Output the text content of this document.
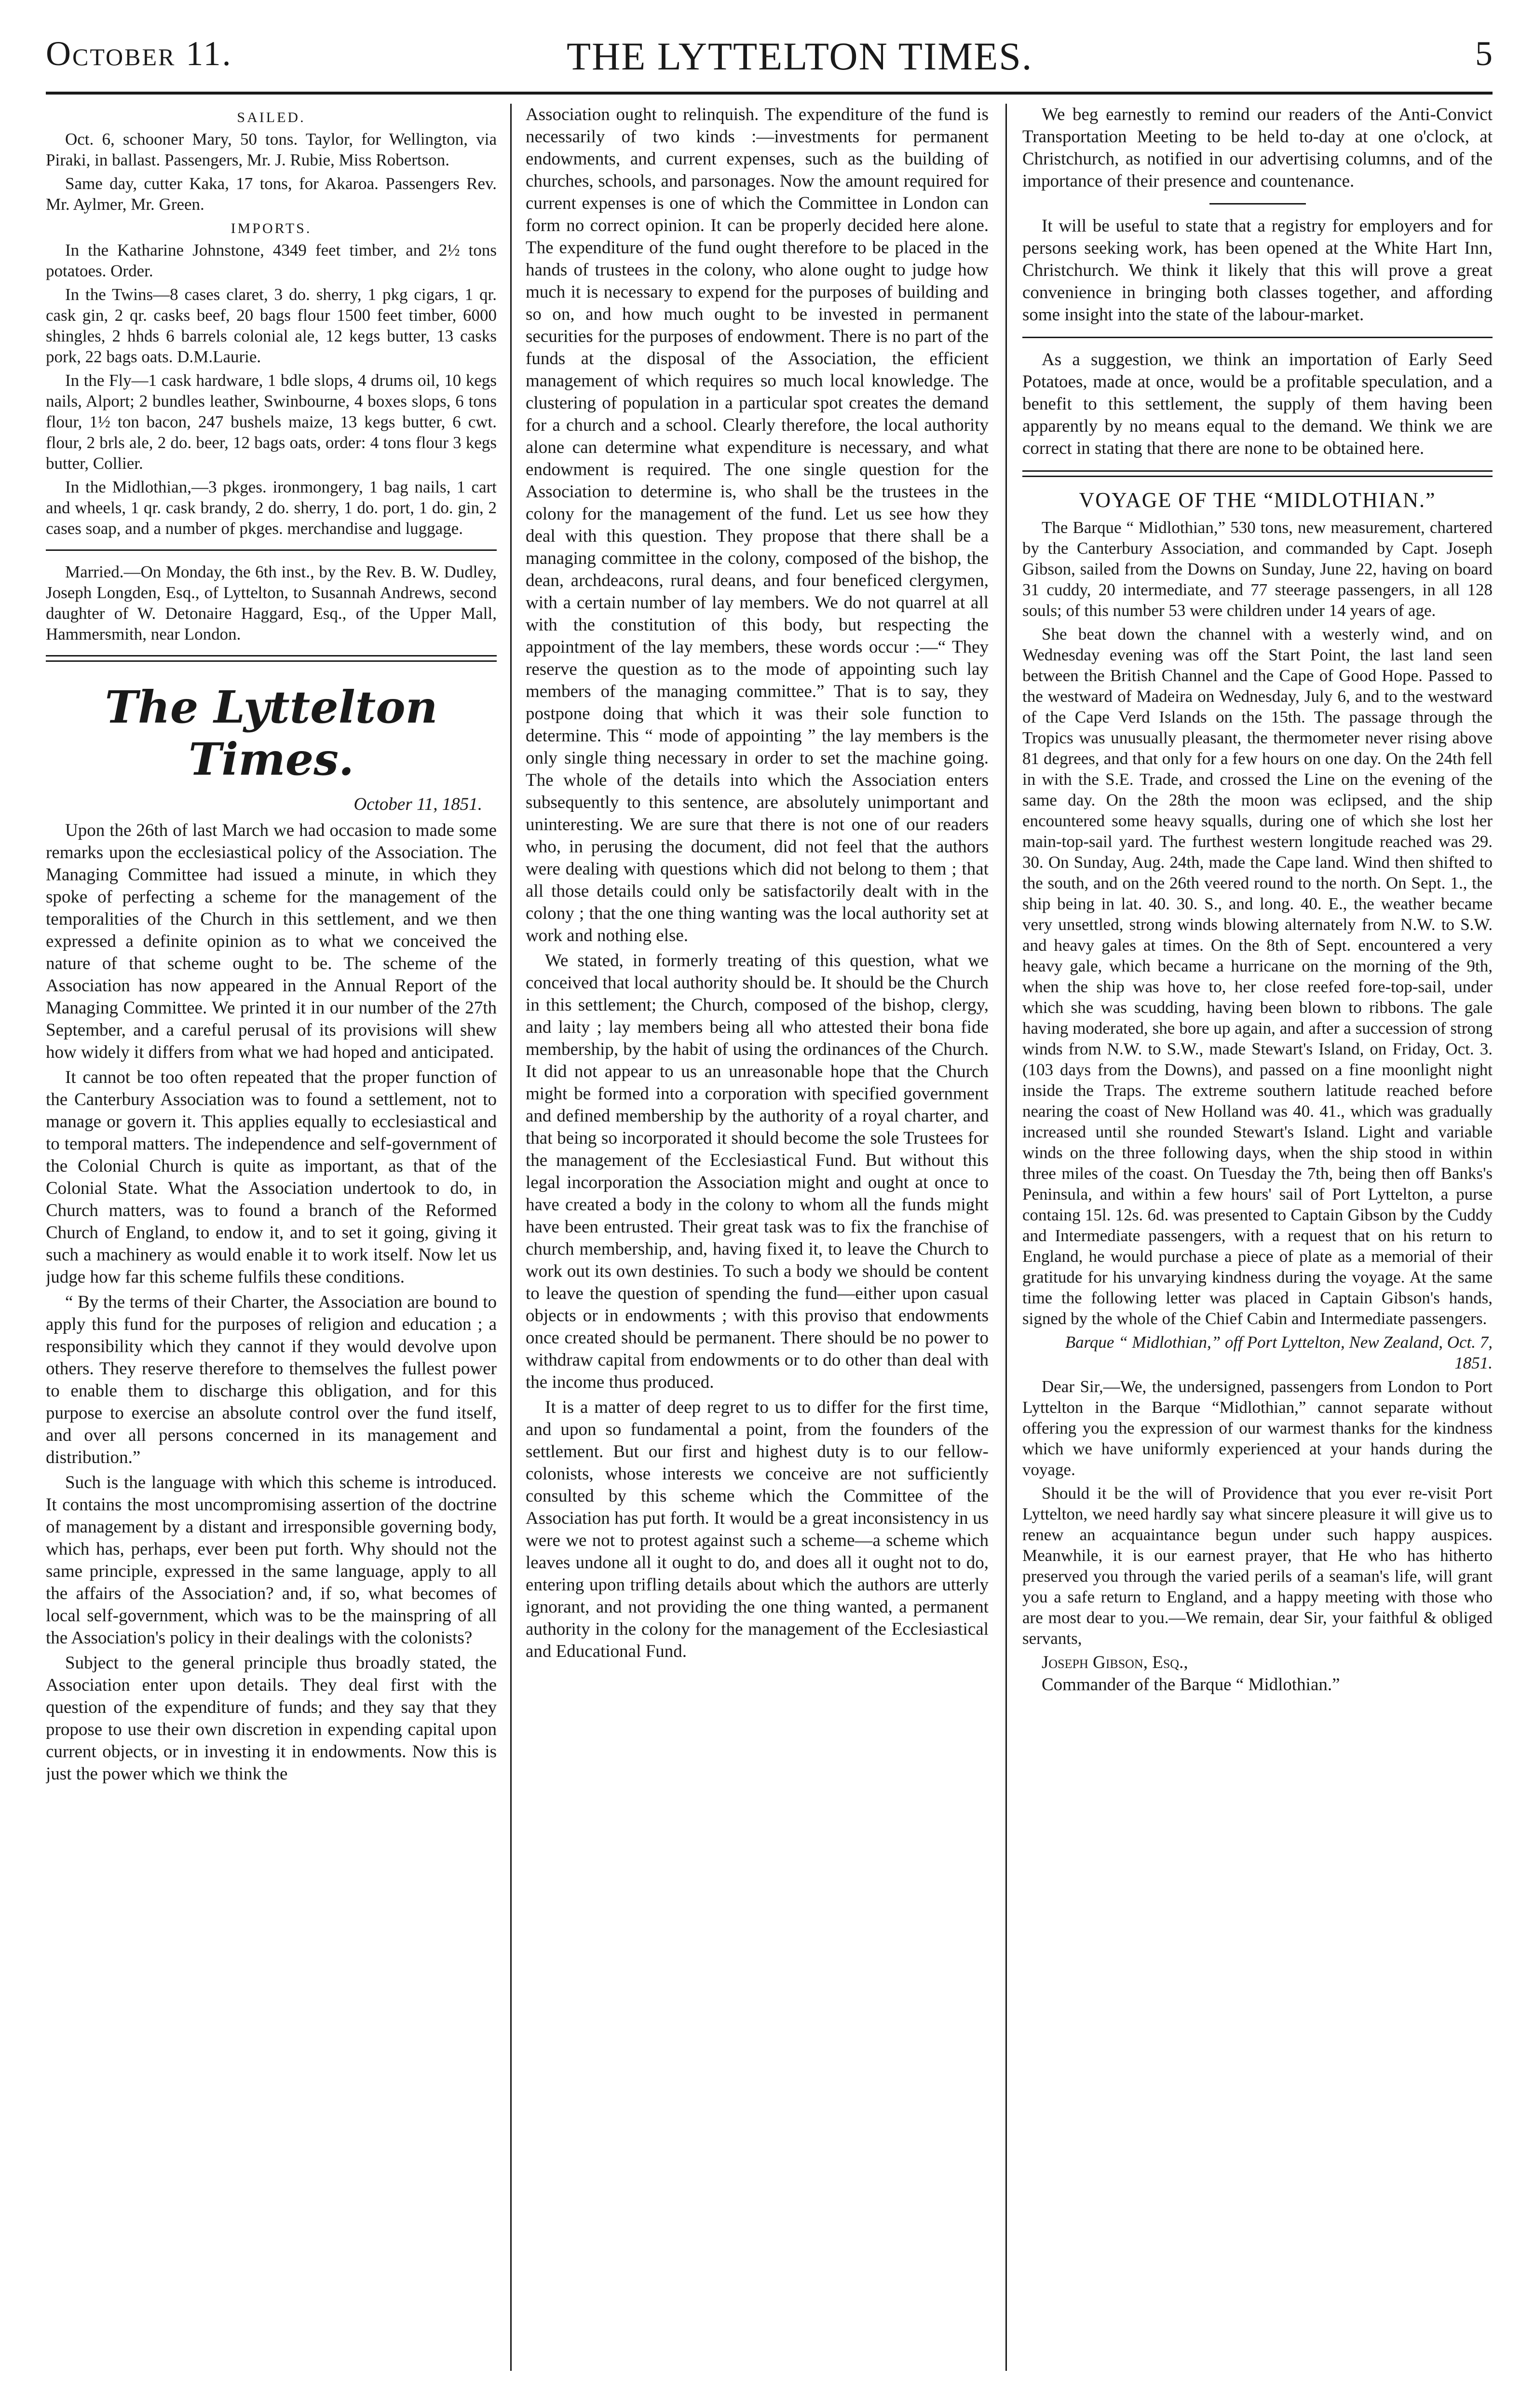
October 11.	THE LYTTELTON TIMES.	5
SAILED.

Oct. 6, schooner Mary, 50 tons. Taylor, for Wellington, via Piraki, in ballast. Passengers, Mr. J. Rubie, Miss Robertson.

Same day, cutter Kaka, 17 tons, for Akaroa. Passengers Rev. Mr. Aylmer, Mr. Green.

IMPORTS.

In the Katharine Johnstone, 4349 feet timber, and 2½ tons potatoes. Order.

In the Twins—8 cases claret, 3 do. sherry, 1 pkg cigars, 1 qr. cask gin, 2 qr. casks beef, 20 bags flour 1500 feet timber, 6000 shingles, 2 hhds 6 barrels colonial ale, 12 kegs butter, 13 casks pork, 22 bags oats. D.M.Laurie.

In the Fly—1 cask hardware, 1 bdle slops, 4 drums oil, 10 kegs nails, Alport; 2 bundles leather, Swinbourne, 4 boxes slops, 6 tons flour, 1½ ton bacon, 247 bushels maize, 13 kegs butter, 6 cwt. flour, 2 brls ale, 2 do. beer, 12 bags oats, order: 4 tons flour 3 kegs butter, Collier.

In the Midlothian,—3 pkges. ironmongery, 1 bag nails, 1 cart and wheels, 1 qr. cask brandy, 2 do. sherry, 1 do. port, 1 do. gin, 2 cases soap, and a number of pkges. merchandise and luggage.

Married.—On Monday, the 6th inst., by the Rev. B. W. Dudley, Joseph Longden, Esq., of Lyttelton, to Susannah Andrews, second daughter of W. Detonaire Haggard, Esq., of the Upper Mall, Hammersmith, near London.

The Lyttelton Times.
October 11, 1851.

Upon the 26th of last March we had occasion to made some remarks upon the ecclesiastical policy of the Association. The Managing Committee had issued a minute, in which they spoke of perfecting a scheme for the management of the temporalities of the Church in this settlement, and we then expressed a definite opinion as to what we conceived the nature of that scheme ought to be. The scheme of the Association has now appeared in the Annual Report of the Managing Committee. We printed it in our number of the 27th September, and a careful perusal of its provisions will shew how widely it differs from what we had hoped and anticipated.

It cannot be too often repeated that the proper function of the Canterbury Association was to found a settlement, not to manage or govern it. This applies equally to ecclesiastical and to temporal matters. The independence and self-government of the Colonial Church is quite as important, as that of the Colonial State. What the Association undertook to do, in Church matters, was to found a branch of the Reformed Church of England, to endow it, and to set it going, giving it such a machinery as would enable it to work itself. Now let us judge how far this scheme fulfils these conditions.

“ By the terms of their Charter, the Association are bound to apply this fund for the purposes of religion and education ; a responsibility which they cannot if they would devolve upon others. They reserve therefore to themselves the fullest power to enable them to discharge this obligation, and for this purpose to exercise an absolute control over the fund itself, and over all persons concerned in its management and distribution.”

Such is the language with which this scheme is introduced. It contains the most uncompromising assertion of the doctrine of management by a distant and irresponsible governing body, which has, perhaps, ever been put forth. Why should not the same principle, expressed in the same language, apply to all the affairs of the Association? and, if so, what becomes of local self-government, which was to be the mainspring of all the Association's policy in their dealings with the colonists?

Subject to the general principle thus broadly stated, the Association enter upon details. They deal first with the question of the expenditure of funds; and they say that they propose to use their own discretion in expending capital upon current objects, or in investing it in endowments. Now this is just the power which we think the

Association ought to relinquish. The expenditure of the fund is necessarily of two kinds :—investments for permanent endowments, and current expenses, such as the building of churches, schools, and parsonages. Now the amount required for current expenses is one of which the Committee in London can form no correct opinion. It can be properly decided here alone. The expenditure of the fund ought therefore to be placed in the hands of trustees in the colony, who alone ought to judge how much it is necessary to expend for the purposes of building and so on, and how much ought to be invested in permanent securities for the purposes of endowment. There is no part of the funds at the disposal of the Association, the efficient management of which requires so much local knowledge. The clustering of population in a particular spot creates the demand for a church and a school. Clearly therefore, the local authority alone can determine what expenditure is necessary, and what endowment is required. The one single question for the Association to determine is, who shall be the trustees in the colony for the management of the fund. Let us see how they deal with this question. They propose that there shall be a managing committee in the colony, composed of the bishop, the dean, archdeacons, rural deans, and four beneficed clergymen, with a certain number of lay members. We do not quarrel at all with the constitution of this body, but respecting the appointment of the lay members, these words occur :—“ They reserve the question as to the mode of appointing such lay members of the managing committee.” That is to say, they postpone doing that which it was their sole function to determine. This “ mode of appointing ” the lay members is the only single thing necessary in order to set the machine going. The whole of the details into which the Association enters subsequently to this sentence, are absolutely unimportant and uninteresting. We are sure that there is not one of our readers who, in perusing the document, did not feel that the authors were dealing with questions which did not belong to them ; that all those details could only be satisfactorily dealt with in the colony ; that the one thing wanting was the local authority set at work and nothing else.

We stated, in formerly treating of this question, what we conceived that local authority should be. It should be the Church in this settlement; the Church, composed of the bishop, clergy, and laity ; lay members being all who attested their bona fide membership, by the habit of using the ordinances of the Church. It did not appear to us an unreasonable hope that the Church might be formed into a corporation with specified government and defined membership by the authority of a royal charter, and that being so incorporated it should become the sole Trustees for the management of the Ecclesiastical Fund. But without this legal incorporation the Association might and ought at once to have created a body in the colony to whom all the funds might have been entrusted. Their great task was to fix the franchise of church membership, and, having fixed it, to leave the Church to work out its own destinies. To such a body we should be content to leave the question of spending the fund—either upon casual objects or in endowments ; with this proviso that endowments once created should be permanent. There should be no power to withdraw capital from endowments or to do other than deal with the income thus produced.

It is a matter of deep regret to us to differ for the first time, and upon so fundamental a point, from the founders of the settlement. But our first and highest duty is to our fellow-colonists, whose interests we conceive are not sufficiently consulted by this scheme which the Committee of the Association has put forth. It would be a great inconsistency in us were we not to protest against such a scheme—a scheme which leaves undone all it ought to do, and does all it ought not to do, entering upon trifling details about which the authors are utterly ignorant, and not providing the one thing wanted, a permanent authority in the colony for the management of the Ecclesiastical and Educational Fund.

We beg earnestly to remind our readers of the Anti-Convict Transportation Meeting to be held to-day at one o'clock, at Christchurch, as notified in our advertising columns, and of the importance of their presence and countenance.

It will be useful to state that a registry for employers and for persons seeking work, has been opened at the White Hart Inn, Christchurch. We think it likely that this will prove a great convenience in bringing both classes together, and affording some insight into the state of the labour-market.

As a suggestion, we think an importation of Early Seed Potatoes, made at once, would be a profitable speculation, and a benefit to this settlement, the supply of them having been apparently by no means equal to the demand. We think we are correct in stating that there are none to be obtained here.

VOYAGE OF THE “MIDLOTHIAN.”

The Barque “ Midlothian,” 530 tons, new measurement, chartered by the Canterbury Association, and commanded by Capt. Joseph Gibson, sailed from the Downs on Sunday, June 22, having on board 31 cuddy, 20 intermediate, and 77 steerage passengers, in all 128 souls; of this number 53 were children under 14 years of age.

She beat down the channel with a westerly wind, and on Wednesday evening was off the Start Point, the last land seen between the British Channel and the Cape of Good Hope. Passed to the westward of Madeira on Wednesday, July 6, and to the westward of the Cape Verd Islands on the 15th. The passage through the Tropics was unusually pleasant, the thermometer never rising above 81 degrees, and that only for a few hours on one day. On the 24th fell in with the S.E. Trade, and crossed the Line on the evening of the same day. On the 28th the moon was eclipsed, and the ship encountered some heavy squalls, during one of which she lost her main-top-sail yard. The furthest western longitude reached was 29. 30. On Sunday, Aug. 24th, made the Cape land. Wind then shifted to the south, and on the 26th veered round to the north. On Sept. 1., the ship being in lat. 40. 30. S., and long. 40. E., the weather became very unsettled, strong winds blowing alternately from N.W. to S.W. and heavy gales at times. On the 8th of Sept. encountered a very heavy gale, which became a hurricane on the morning of the 9th, when the ship was hove to, her close reefed fore-top-sail, under which she was scudding, having been blown to ribbons. The gale having moderated, she bore up again, and after a succession of strong winds from N.W. to S.W., made Stewart's Island, on Friday, Oct. 3. (103 days from the Downs), and passed on a fine moonlight night inside the Traps. The extreme southern latitude reached before nearing the coast of New Holland was 40. 41., which was gradually increased until she rounded Stewart's Island. Light and variable winds on the three following days, when the ship stood in within three miles of the coast. On Tuesday the 7th, being then off Banks's Peninsula, and within a few hours' sail of Port Lyttelton, a purse containg 15l. 12s. 6d. was presented to Captain Gibson by the Cuddy and Intermediate passengers, with a request that on his return to England, he would purchase a piece of plate as a memorial of their gratitude for his unvarying kindness during the voyage. At the same time the following letter was placed in Captain Gibson's hands, signed by the whole of the Chief Cabin and Intermediate passengers.

Barque “ Midlothian,” off Port Lyttelton, New Zealand, Oct. 7, 1851.

Dear Sir,—We, the undersigned, passengers from London to Port Lyttelton in the Barque “Midlothian,” cannot separate without offering you the expression of our warmest thanks for the kindness which we have uniformly experienced at your hands during the voyage.

Should it be the will of Providence that you ever re-visit Port Lyttelton, we need hardly say what sincere pleasure it will give us to renew an acquaintance begun under such happy auspices. Meanwhile, it is our earnest prayer, that He who has hitherto preserved you through the varied perils of a seaman's life, will grant you a safe return to England, and a happy meeting with those who are most dear to you.—We remain, dear Sir, your faithful & obliged servants,

Joseph Gibson, Esq.,

Commander of the Barque “ Midlothian.”
